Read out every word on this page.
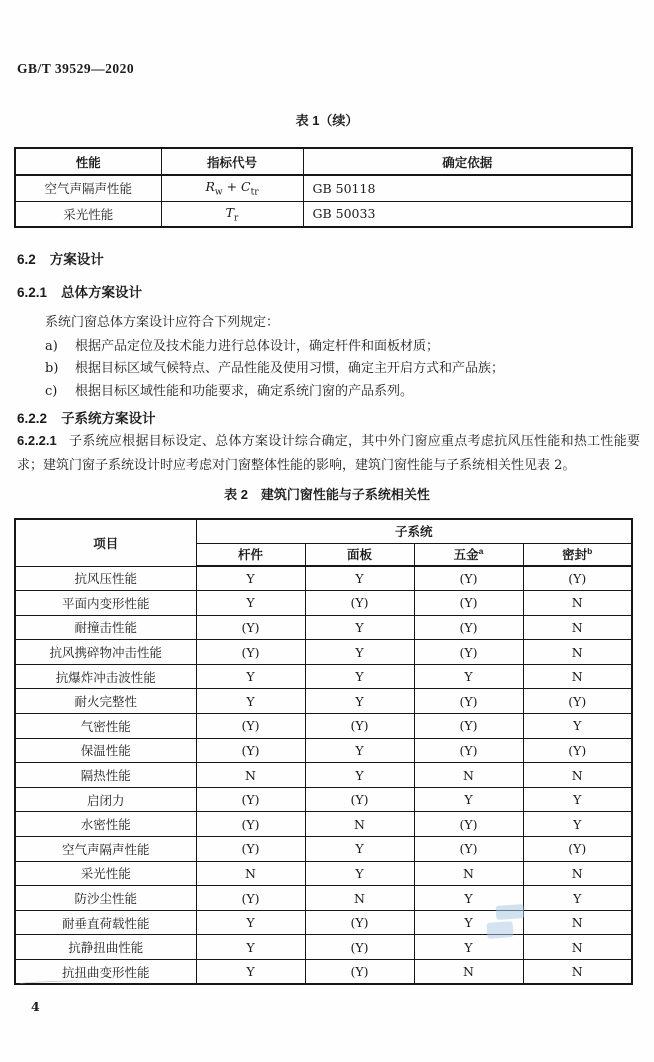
GB/T 39529—2020
表 1（续）
性能	指标代号	确定依据
空气声隔声性能	$R_w + C_{tr}$	GB 50118
采光性能	$T_r$	GB 50033
6.2 方案设计
6.2.1 总体方案设计
系统门窗总体方案设计应符合下列规定：
a) 根据产品定位及技术能力进行总体设计，确定杆件和面板材质；
b) 根据目标区域气候特点、产品性能及使用习惯，确定主开启方式和产品族；
c) 根据目标区域性能和功能要求，确定系统门窗的产品系列。
6.2.2 子系统方案设计
6.2.2.1 子系统应根据目标设定、总体方案设计综合确定，其中外门窗应重点考虑抗风压性能和热工性能要求；建筑门窗子系统设计时应考虑对门窗整体性能的影响，建筑门窗性能与子系统相关性见表 2。
表 2　建筑门窗性能与子系统相关性
项目	子系统			
	杆件	面板	五金$^a$	密封$^b$
抗风压性能	Y	Y	(Y)	(Y)
平面内变形性能	Y	(Y)	(Y)	N
耐撞击性能	(Y)	Y	(Y)	N
抗风携碎物冲击性能	(Y)	Y	(Y)	N
抗爆炸冲击波性能	Y	Y	Y	N
耐火完整性	Y	Y	(Y)	(Y)
气密性能	(Y)	(Y)	(Y)	Y
保温性能	(Y)	Y	(Y)	(Y)
隔热性能	N	Y	N	N
启闭力	(Y)	(Y)	Y	Y
水密性能	(Y)	N	(Y)	Y
空气声隔声性能	(Y)	Y	(Y)	(Y)
采光性能	N	Y	N	N
防沙尘性能	(Y)	N	Y	Y
耐垂直荷载性能	Y	(Y)	Y	N
抗静扭曲性能	Y	(Y)	Y	N
抗扭曲变形性能	Y	(Y)	N	N
4
